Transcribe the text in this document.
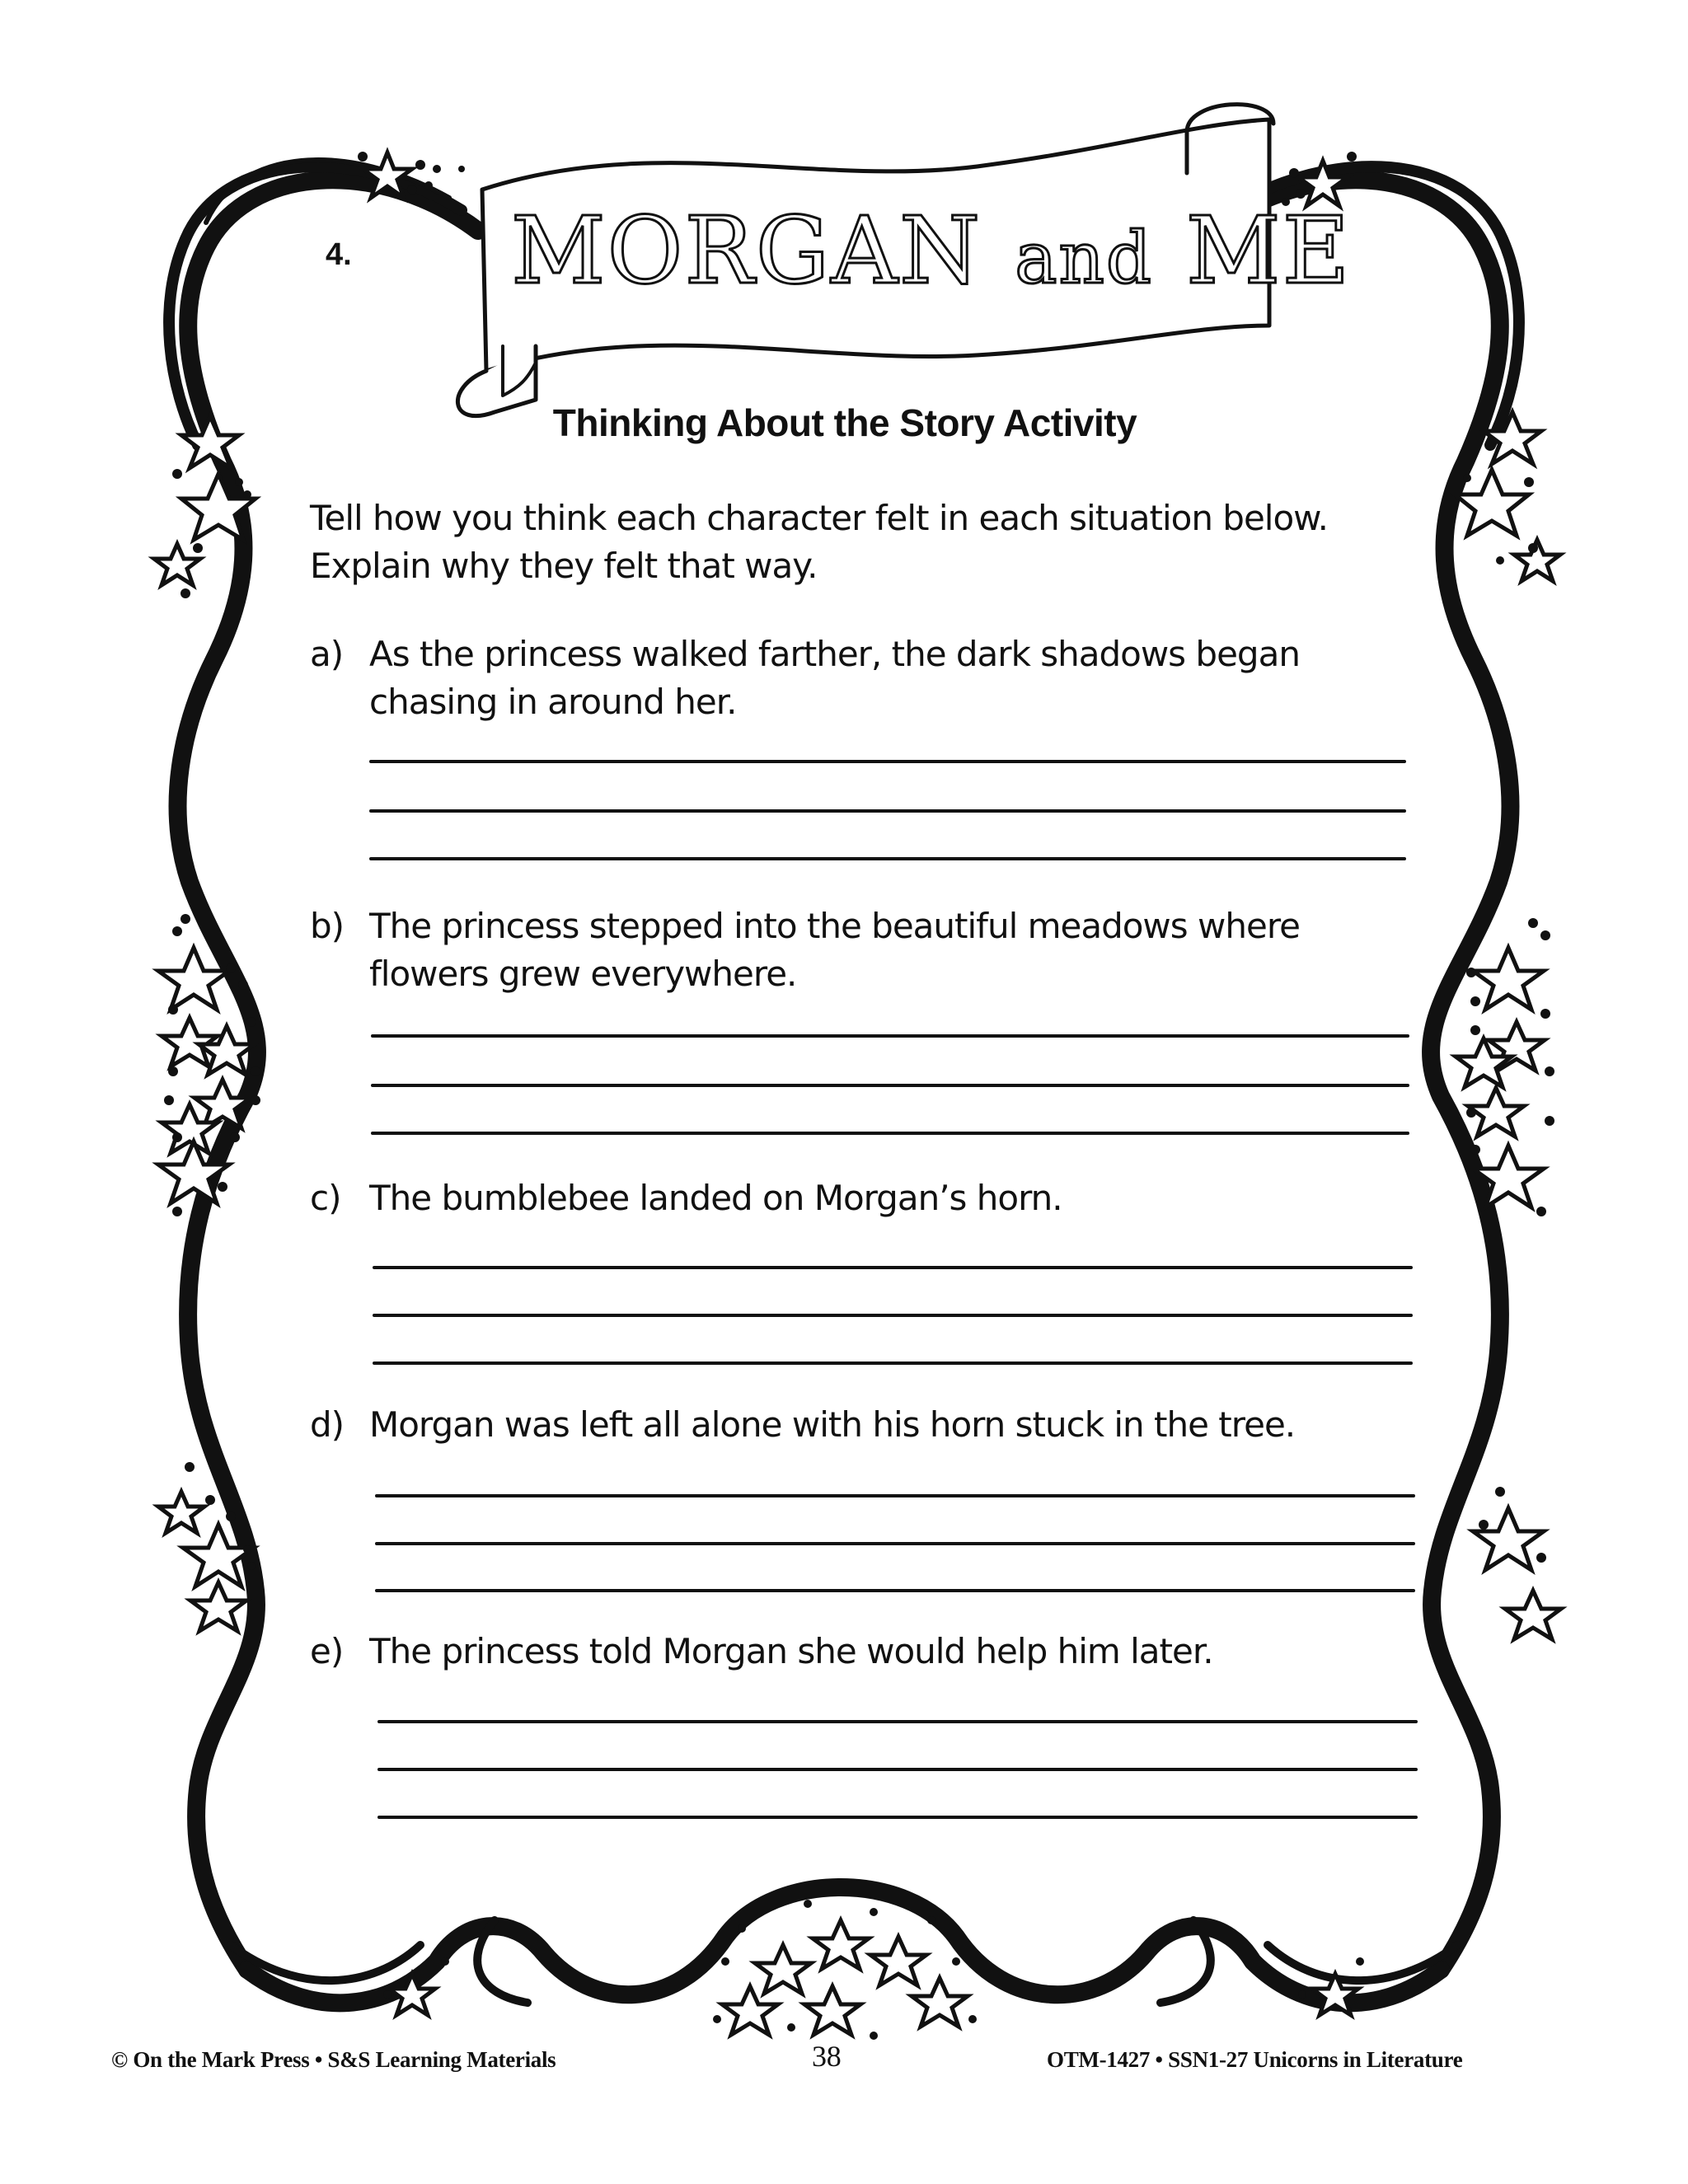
4. MORGAN and ME
Thinking About the Story Activity
Tell how you think each character felt in each situation below.
Explain why they felt that way.
a) As the princess walked farther, the dark shadows began
chasing in around her.
b) The princess stepped into the beautiful meadows where
flowers grew everywhere.
c) The bumblebee landed on Morgan’s horn.
d) Morgan was left all alone with his horn stuck in the tree.
e) The princess told Morgan she would help him later.
© On the Mark Press • S&S Learning Materials	38	OTM-1427 • SSN1-27 Unicorns in Literature
